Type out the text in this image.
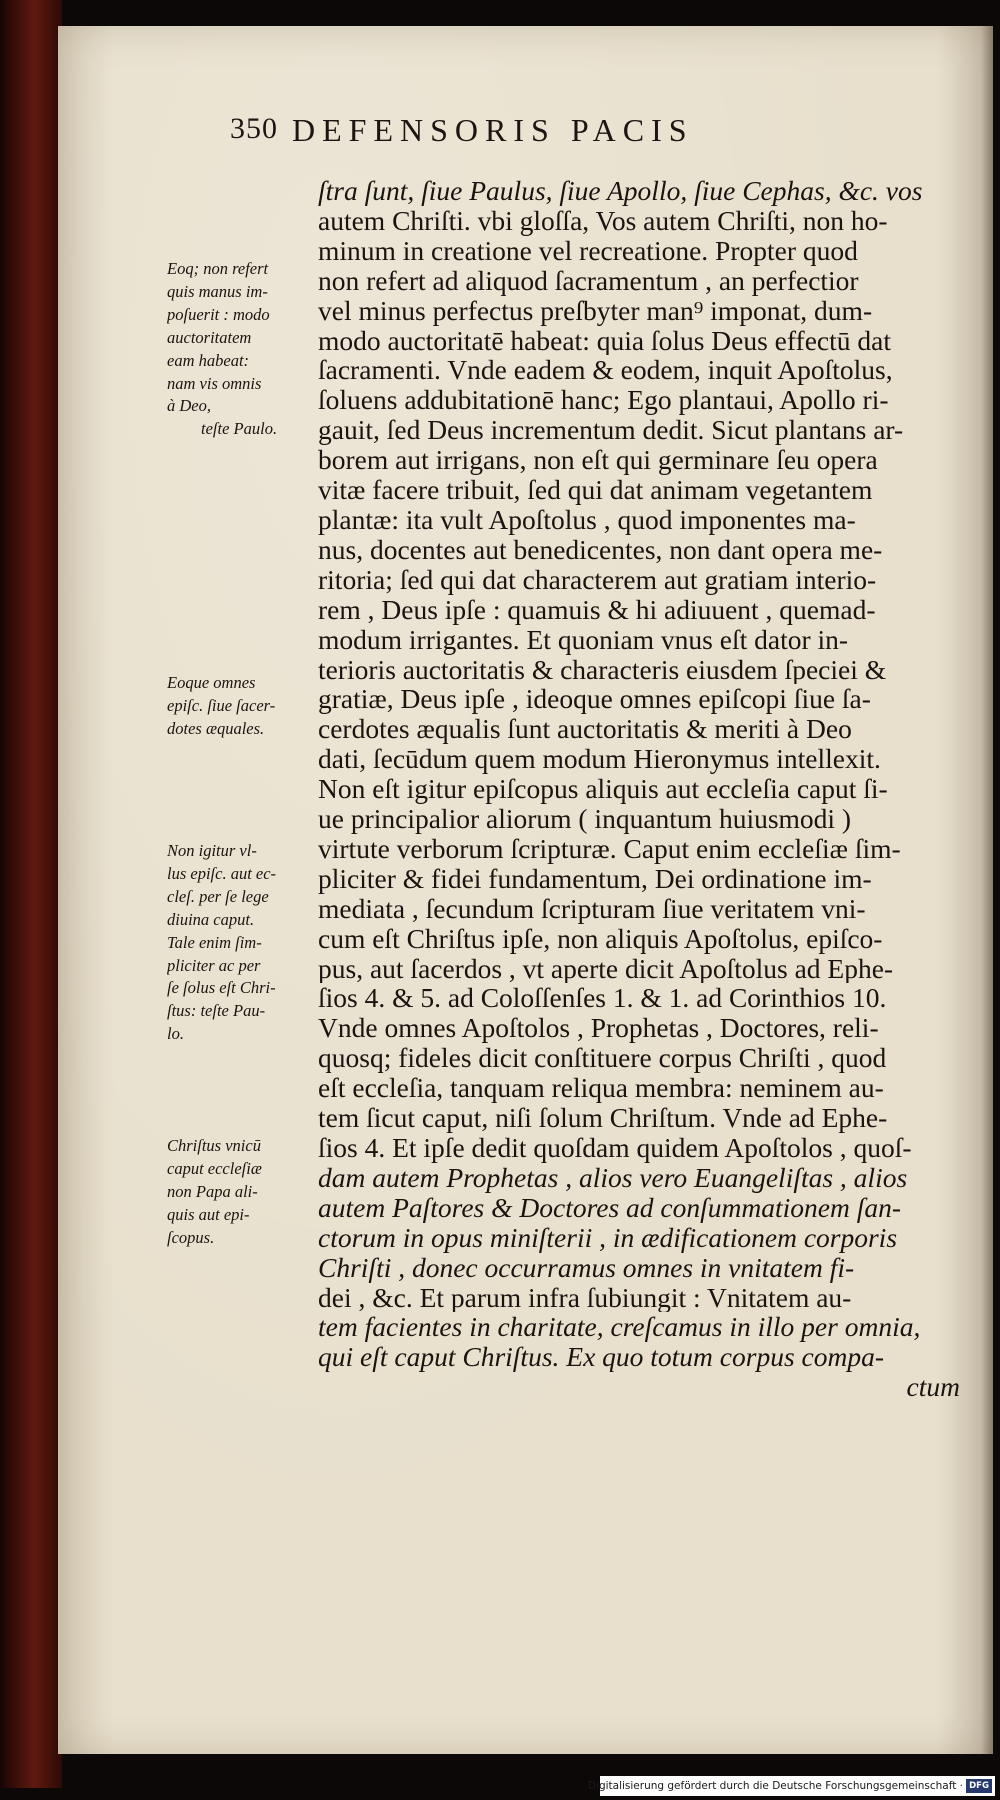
350 DEFENSORIS PACIS
Eoq; non refert
quis manus im-
poſuerit : modo
auctoritatem
eam habeat:
nam vis omnis
à Deo,
teſte Paulo.
Eoque omnes
epiſc. ſiue ſacer-
dotes æquales.
Non igitur vl-
lus epiſc. aut ec-
cleſ. per ſe lege
diuina caput.
Tale enim ſim-
pliciter ac per
ſe ſolus eſt Chri-
ſtus: teſte Pau-
lo.
Chriſtus vnicū
caput eccleſiæ
non Papa ali-
quis aut epi-
ſcopus.
ſtra ſunt, ſiue Paulus, ſiue Apollo, ſiue Cephas, &c. vos
autem Chriſti. vbi gloſſa, Vos autem Chriſti, non ho-
minum in creatione vel recreatione. Propter quod
non refert ad aliquod ſacramentum , an perfectior
vel minus perfectus preſbyter man⁹ imponat, dum-
modo auctoritatē habeat: quia ſolus Deus effectū dat
ſacramenti. Vnde eadem & eodem, inquit Apoſtolus,
ſoluens addubitationē hanc; Ego plantaui, Apollo ri-
gauit, ſed Deus incrementum dedit. Sicut plantans ar-
borem aut irrigans, non eſt qui germinare ſeu opera
vitæ facere tribuit, ſed qui dat animam vegetantem
plantæ: ita vult Apoſtolus , quod imponentes ma-
nus, docentes aut benedicentes, non dant opera me-
ritoria; ſed qui dat characterem aut gratiam interio-
rem , Deus ipſe : quamuis & hi adiuuent , quemad-
modum irrigantes. Et quoniam vnus eſt dator in-
terioris auctoritatis & characteris eiusdem ſpeciei &
gratiæ, Deus ipſe , ideoque omnes epiſcopi ſiue ſa-
cerdotes æqualis ſunt auctoritatis & meriti à Deo
dati, ſecūdum quem modum Hieronymus intellexit.
Non eſt igitur epiſcopus aliquis aut eccleſia caput ſi-
ue principalior aliorum ( inquantum huiusmodi )
virtute verborum ſcripturæ. Caput enim eccleſiæ ſim-
pliciter & fidei fundamentum, Dei ordinatione im-
mediata , ſecundum ſcripturam ſiue veritatem vni-
cum eſt Chriſtus ipſe, non aliquis Apoſtolus, epiſco-
pus, aut ſacerdos , vt aperte dicit Apoſtolus ad Ephe-
ſios 4. & 5. ad Coloſſenſes 1. & 1. ad Corinthios 10.
Vnde omnes Apoſtolos , Prophetas , Doctores, reli-
quosq; fideles dicit conſtituere corpus Chriſti , quod
eſt eccleſia, tanquam reliqua membra: neminem au-
tem ſicut caput, niſi ſolum Chriſtum. Vnde ad Ephe-
ſios 4. Et ipſe dedit quoſdam quidem Apoſtolos , quoſ-
dam autem Prophetas , alios vero Euangeliſtas , alios
autem Paſtores & Doctores ad conſummationem ſan-
ctorum in opus miniſterii , in ædificationem corporis
Chriſti , donec occurramus omnes in vnitatem fi-
dei , &c. Et parum infra ſubiungit : Vnitatem au-
tem facientes in charitate, creſcamus in illo per omnia,
qui eſt caput Chriſtus. Ex quo totum corpus compa-
ctum
Digitalisierung gefördert durch die Deutsche Forschungsgemeinschaft · DFG
